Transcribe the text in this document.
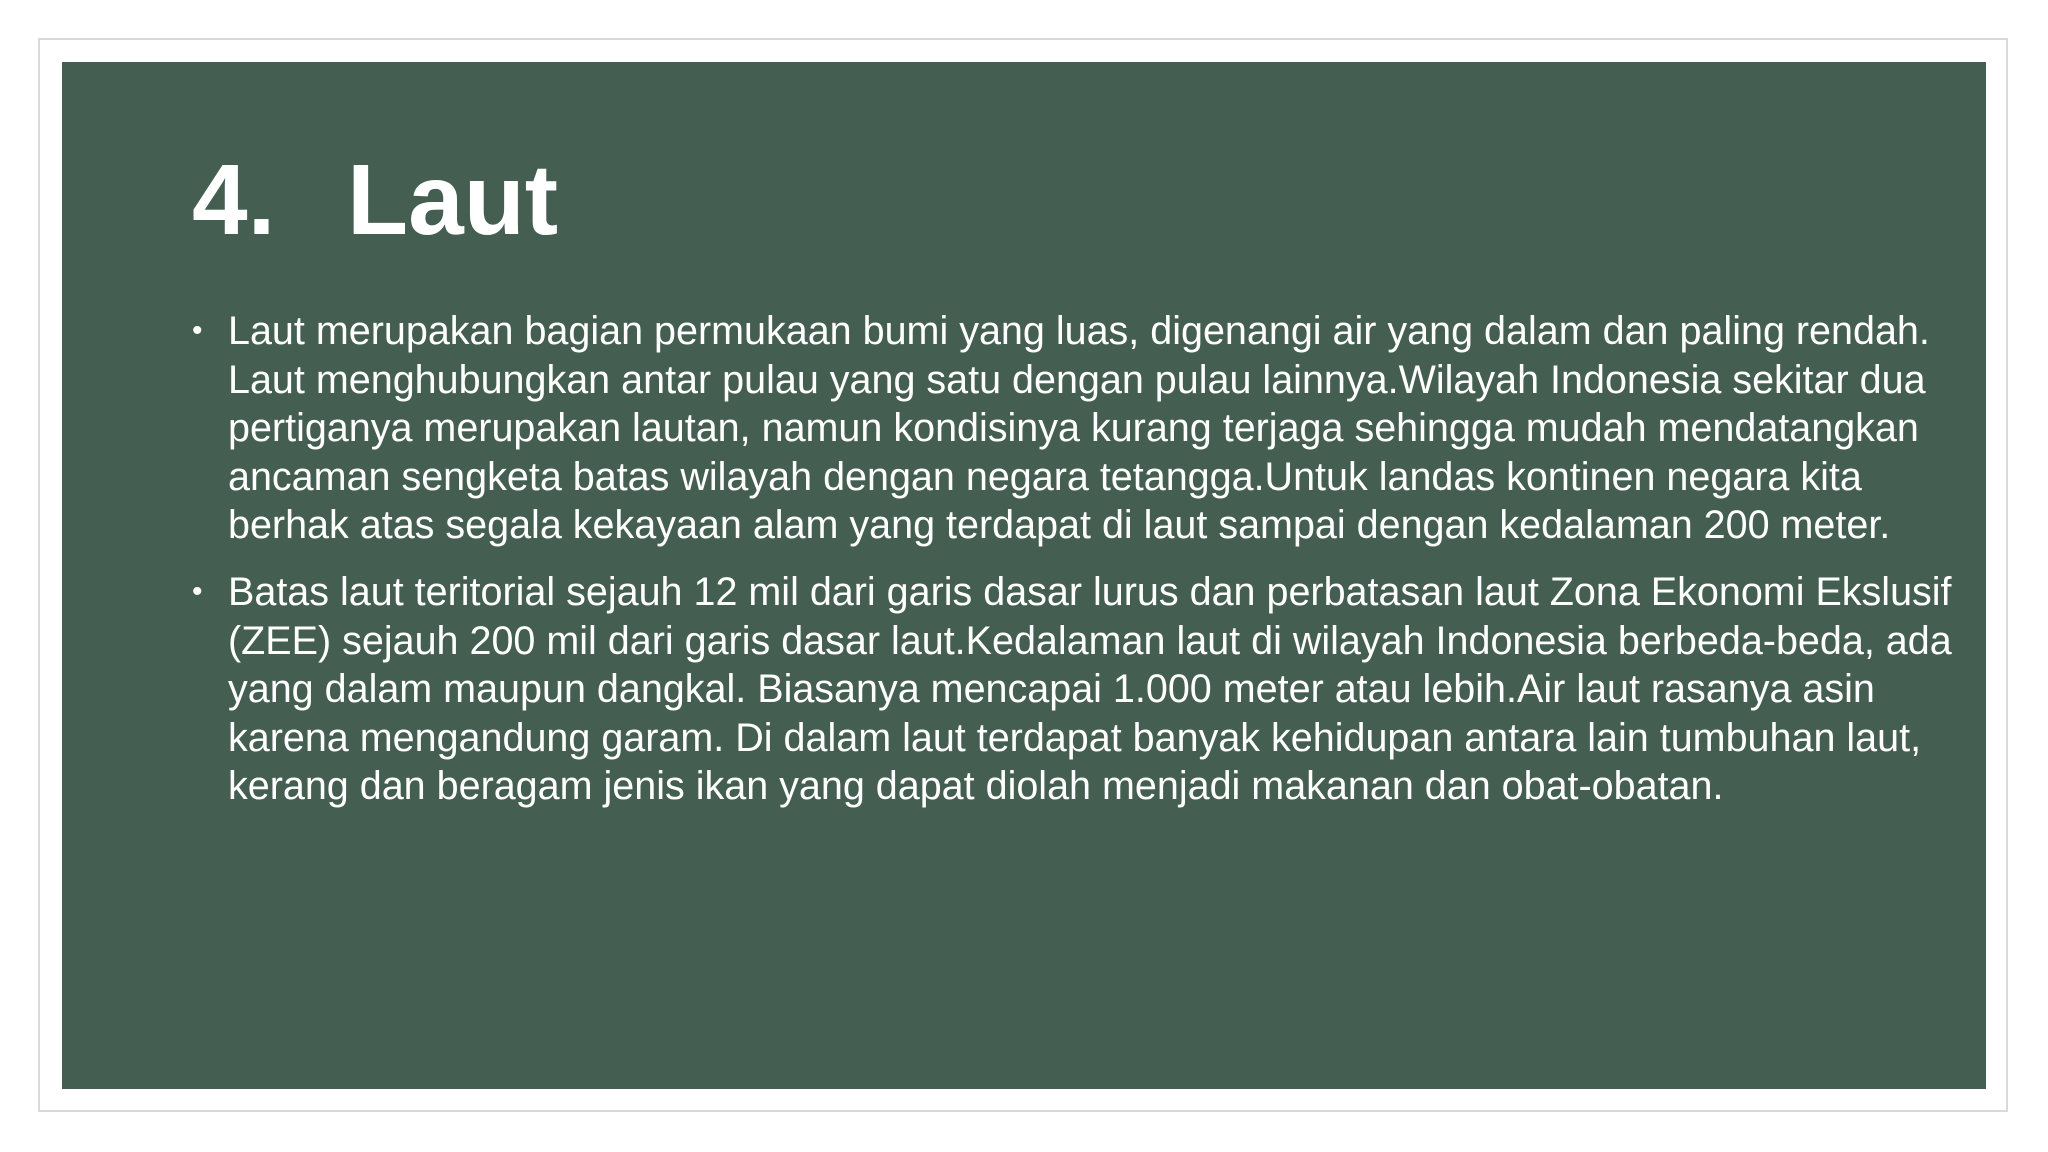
4. Laut
• Laut merupakan bagian permukaan bumi yang luas, digenangi air yang dalam dan paling rendah. Laut menghubungkan antar pulau yang satu dengan pulau lainnya.Wilayah Indonesia sekitar dua pertiganya merupakan lautan, namun kondisinya kurang terjaga sehingga mudah mendatangkan ancaman sengketa batas wilayah dengan negara tetangga.Untuk landas kontinen negara kita berhak atas segala kekayaan alam yang terdapat di laut sampai dengan kedalaman 200 meter.
• Batas laut teritorial sejauh 12 mil dari garis dasar lurus dan perbatasan laut Zona Ekonomi Ekslusif (ZEE) sejauh 200 mil dari garis dasar laut.Kedalaman laut di wilayah Indonesia berbeda-beda, ada yang dalam maupun dangkal. Biasanya mencapai 1.000 meter atau lebih.Air laut rasanya asin karena mengandung garam. Di dalam laut terdapat banyak kehidupan antara lain tumbuhan laut, kerang dan beragam jenis ikan yang dapat diolah menjadi makanan dan obat-obatan.
